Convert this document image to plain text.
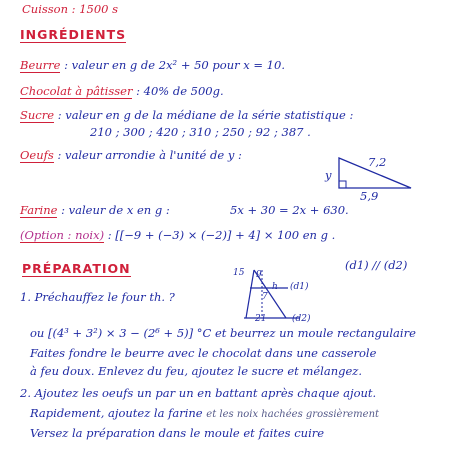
Cuisson : 1500 s
INGRÉDIENTS
Beurre : valeur en g de 2x² + 50 pour x = 10.
Chocolat à pâtisser : 40% de 500g.
Sucre : valeur en g de la médiane de la série statistique :
210 ; 300 ; 420 ; 310 ; 250 ; 92 ; 387 .
Oeufs : valeur arrondie à l'unité de y :	7,2
y
5,9
Farine : valeur de x en g :	5x + 30 = 2x + 630.
(Option : noix) : [[−9 + (−3) × (−2)] + 4] × 100 en g .
PRÉPARATION	(d1) // (d2)
1. Préchauffez le four th. ?
15 9
h
7
(d1)
21	(d2)
ou [(4³ + 3²) × 3 − (2⁶ + 5)] °C et beurrez un moule rectangulaire
Faites fondre le beurre avec le chocolat dans une casserole
à feu doux. Enlevez du feu, ajoutez le sucre et mélangez.
2. Ajoutez les oeufs un par un en battant après chaque ajout.
Rapidement, ajoutez la farine et les noix hachées grossièrement
Versez la préparation dans le moule et faites cuire
